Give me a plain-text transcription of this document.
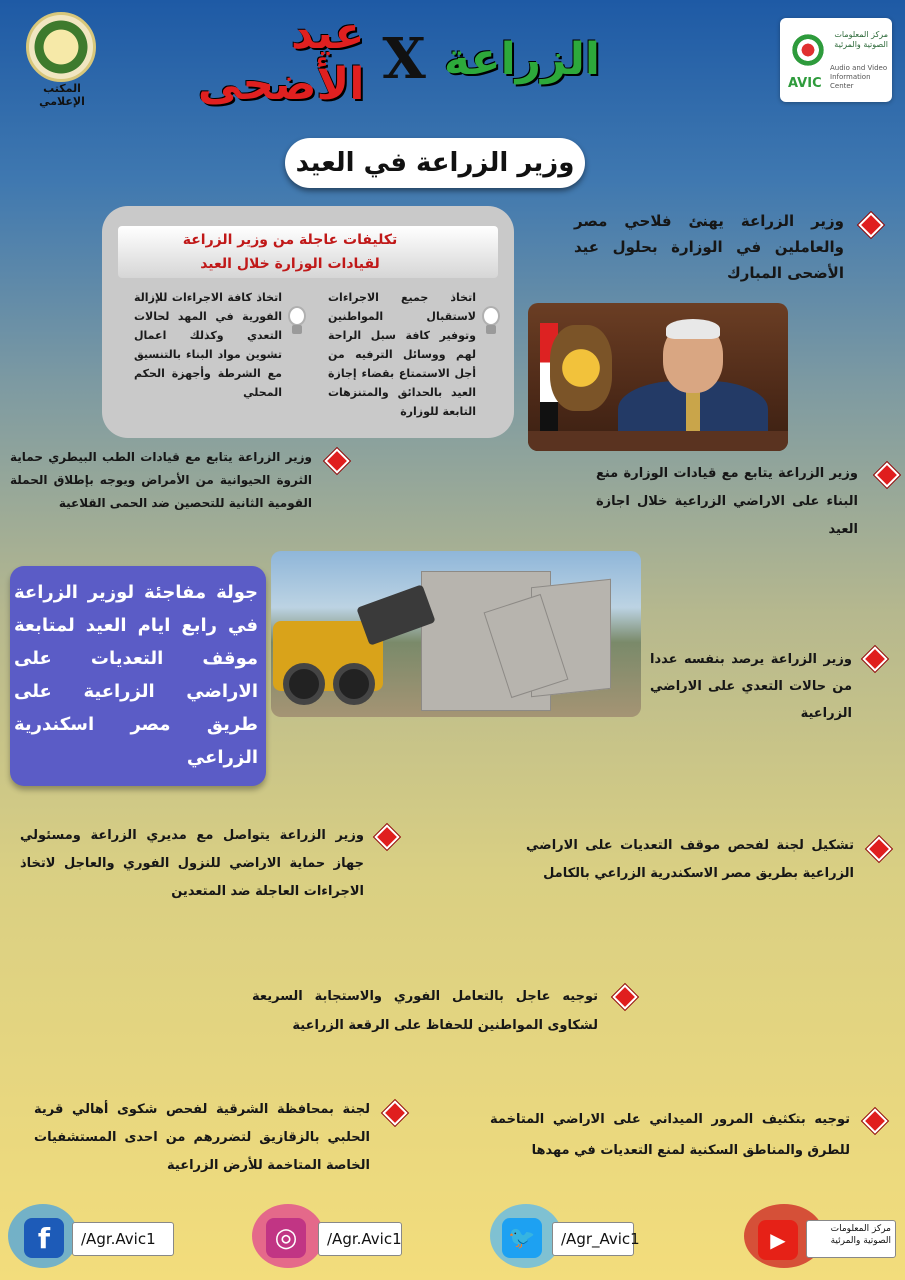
المكتب الإعلامي
الزراعة
X
عيد الأضحى
مركز المعلومات الصوتية والمرئية
Audio and Video Information Center
AVIC
وزير الزراعة في العيد
تكليفات عاجلة من وزير الزراعة لقيادات الوزارة خلال العيد
اتخاذ جميع الاجراءات لاستقبال المواطنين وتوفير كافة سبل الراحة لهم ووسائل الترفيه من أجل الاستمتاع بقضاء إجازة العيد بالحدائق والمتنزهات التابعة للوزارة
اتخاذ كافة الاجراءات للإزالة الفورية في المهد لحالات التعدي وكذلك اعمال تشوين مواد البناء بالتنسيق مع الشرطة وأجهزة الحكم المحلي
وزير الزراعة يهنئ فلاحي مصر والعاملين في الوزارة بحلول عيد الأضحى المبارك
وزير الزراعة يتابع مع قيادات الطب البيطري حماية الثروة الحيوانية من الأمراض ويوجه بإطلاق الحملة القومية الثانية للتحصين ضد الحمى القلاعية
وزير الزراعة يتابع مع قيادات الوزارة منع البناء على الاراضي الزراعية خلال اجازة العيد
جولة مفاجئة لوزير الزراعة في رابع ايام العيد لمتابعة موقف التعديات على الاراضي الزراعية على طريق مصر اسكندرية الزراعي
وزير الزراعة يرصد بنفسه عددا من حالات التعدي على الاراضي الزراعية
وزير الزراعة يتواصل مع مديري الزراعة ومسئولي جهاز حماية الاراضي للنزول الفوري والعاجل لاتخاذ الاجراءات العاجلة ضد المتعدين
تشكيل لجنة لفحص موقف التعديات على الاراضي الزراعية بطريق مصر الاسكندرية الزراعي بالكامل
توجيه عاجل بالتعامل الفوري والاستجابة السريعة لشكاوى المواطنين للحفاظ على الرقعة الزراعية
لجنة بمحافظة الشرقية لفحص شكوى أهالي قرية الحلبي بالزقازيق لتضررهم من احدى المستشفيات الخاصة المتاخمة للأرض الزراعية
توجيه بتكثيف المرور الميداني على الاراضي المتاخمة للطرق والمناطق السكنية لمنع التعديات في مهدها
f	/Agr.Avic1	◎	/Agr.Avic1	🐦	/Agr_Avic1	▶	مركز المعلومات الصوتية والمرئية
